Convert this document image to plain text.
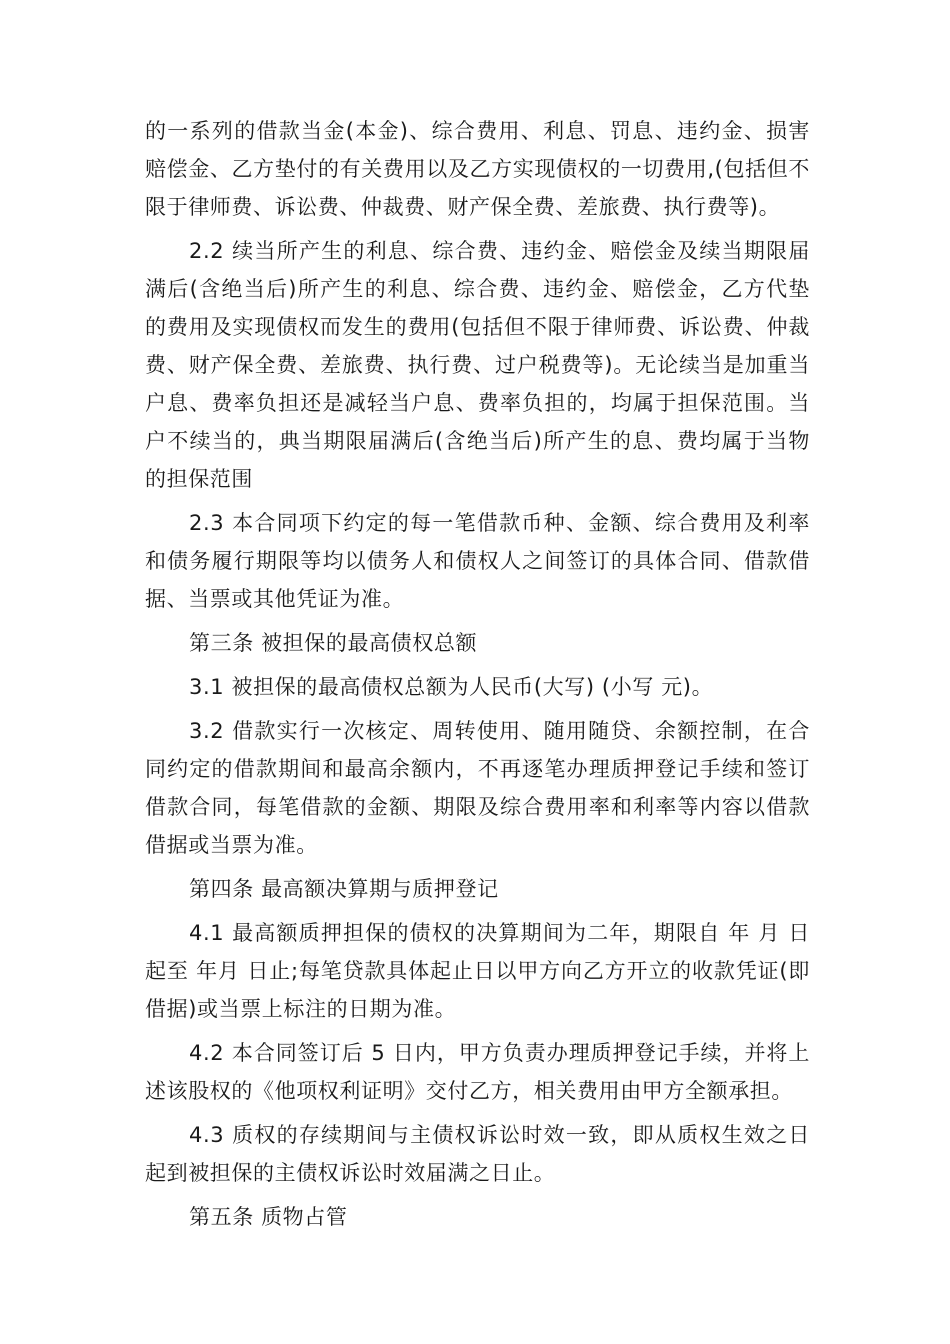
的一系列的借款当金(本金)、综合费用、利息、罚息、违约金、损害赔偿金、乙方垫付的有关费用以及乙方实现债权的一切费用,(包括但不限于律师费、诉讼费、仲裁费、财产保全费、差旅费、执行费等)。

2.2 续当所产生的利息、综合费、违约金、赔偿金及续当期限届满后(含绝当后)所产生的利息、综合费、违约金、赔偿金，乙方代垫的费用及实现债权而发生的费用(包括但不限于律师费、诉讼费、仲裁费、财产保全费、差旅费、执行费、过户税费等)。无论续当是加重当户息、费率负担还是减轻当户息、费率负担的，均属于担保范围。当户不续当的，典当期限届满后(含绝当后)所产生的息、费均属于当物的担保范围

2.3 本合同项下约定的每一笔借款币种、金额、综合费用及利率和债务履行期限等均以债务人和债权人之间签订的具体合同、借款借据、当票或其他凭证为准。

第三条 被担保的最高债权总额

3.1 被担保的最高债权总额为人民币(大写) (小写 元)。

3.2 借款实行一次核定、周转使用、随用随贷、余额控制，在合同约定的借款期间和最高余额内，不再逐笔办理质押登记手续和签订借款合同，每笔借款的金额、期限及综合费用率和利率等内容以借款借据或当票为准。

第四条 最高额决算期与质押登记

4.1 最高额质押担保的债权的决算期间为二年，期限自 年 月 日起至 年月 日止;每笔贷款具体起止日以甲方向乙方开立的收款凭证(即借据)或当票上标注的日期为准。

4.2 本合同签订后 5 日内，甲方负责办理质押登记手续，并将上述该股权的《他项权利证明》交付乙方，相关费用由甲方全额承担。

4.3 质权的存续期间与主债权诉讼时效一致，即从质权生效之日起到被担保的主债权诉讼时效届满之日止。

第五条 质物占管
